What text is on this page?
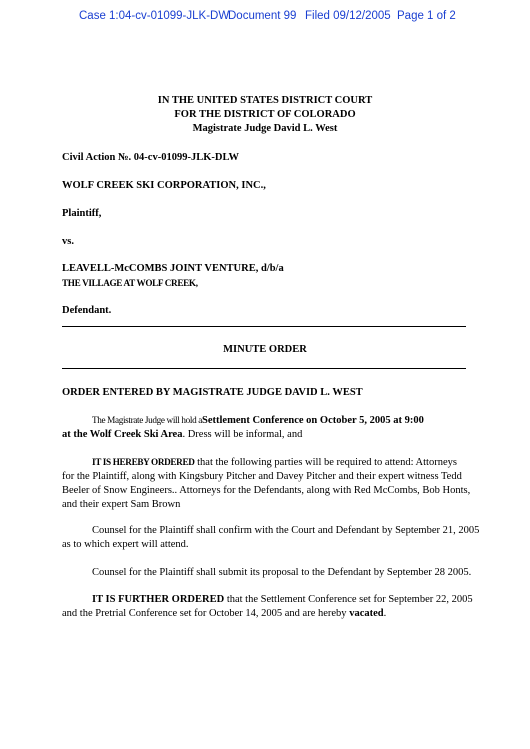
Case 1:04-cv-01099-JLK-DW
Document 99 Filed 09/12/2005 Page 1 of 2
IN THE UNITED STATES DISTRICT COURT
FOR THE DISTRICT OF COLORADO
Magistrate Judge David L. West
Civil Action №. 04-cv-01099-JLK-DLW
WOLF CREEK SKI CORPORATION, INC.,
Plaintiff,
vs.
LEAVELL-McCOMBS JOINT VENTURE, d/b/a
THE VILLAGE AT WOLF CREEK,
Defendant.
MINUTE ORDER
ORDER ENTERED BY MAGISTRATE JUDGE DAVID L. WEST
The Magistrate Judge will hold aSettlement Conference on October 5, 2005 at 9:00
at the Wolf Creek Ski Area. Dress will be informal, and
IT IS HEREBY ORDERED that the following parties will be required to attend: Attorneys
for the Plaintiff, along with Kingsbury Pitcher and Davey Pitcher and their expert witness Tedd
Beeler of Snow Engineers.. Attorneys for the Defendants, along with Red McCombs, Bob Honts,
and their expert Sam Brown
Counsel for the Plaintiff shall confirm with the Court and Defendant by September 21, 2005
as to which expert will attend.
Counsel for the Plaintiff shall submit its proposal to the Defendant by September 28 2005.
IT IS FURTHER ORDERED that the Settlement Conference set for September 22, 2005
and the Pretrial Conference set for October 14, 2005 and are hereby vacated.
